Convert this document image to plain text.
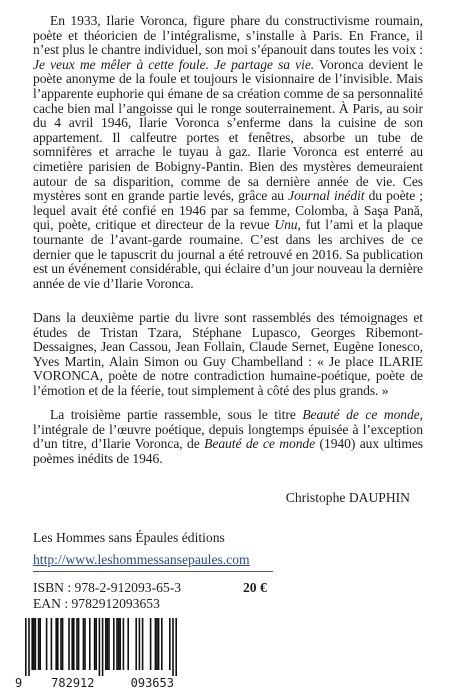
En 1933, Ilarie Voronca, figure phare du constructivisme roumain, poète et théoricien de l’intégralisme, s’installe à Paris. En France, il n’est plus le chantre individuel, son moi s’épanouit dans toutes les voix : Je veux me mêler à cette foule. Je partage sa vie. Voronca devient le poète anonyme de la foule et toujours le visionnaire de l’invisible. Mais l’apparente euphorie qui émane de sa création comme de sa personnalité cache bien mal l’angoisse qui le ronge souterrainement. À Paris, au soir du 4 avril 1946, Ilarie Voronca s’enferme dans la cuisine de son appartement. Il calfeutre portes et fenêtres, absorbe un tube de somnifères et arrache le tuyau à gaz. Ilarie Voronca est enterré au cimetière parisien de Bobigny-Pantin. Bien des mystères demeuraient autour de sa disparition, comme de sa dernière année de vie. Ces mystères sont en grande partie levés, grâce au Journal inédit du poète ; lequel avait été confié en 1946 par sa femme, Colomba, à Saşa Pană, qui, poète, critique et directeur de la revue Unu, fut l’ami et la plaque tournante de l’avant-garde roumaine. C’est dans les archives de ce dernier que le tapuscrit du journal a été retrouvé en 2016. Sa publication est un événement considérable, qui éclaire d’un jour nouveau la dernière année de vie d’Ilarie Voronca.

Dans la deuxième partie du livre sont rassemblés des témoignages et études de Tristan Tzara, Stéphane Lupasco, Georges Ribemont-Dessaignes, Jean Cassou, Jean Follain, Claude Sernet, Eugène Ionesco, Yves Martin, Alain Simon ou Guy Chambelland : « Je place ILARIE VORONCA, poète de notre contradiction humaine-poétique, poète de l’émotion et de la féerie, tout simplement à côté des plus grands. »

La troisième partie rassemble, sous le titre Beauté de ce monde, l’intégrale de l’œuvre poétique, depuis longtemps épuisée à l’exception d’un titre, d’Ilarie Voronca, de Beauté de ce monde (1940) aux ultimes poèmes inédits de 1946.

Christophe DAUPHIN
Les Hommes sans Épaules éditions
http://www.leshommessansepaules.com
ISBN : 978-2-912093-65-3
EAN : 9782912093653
20 €
9 782912	093653
